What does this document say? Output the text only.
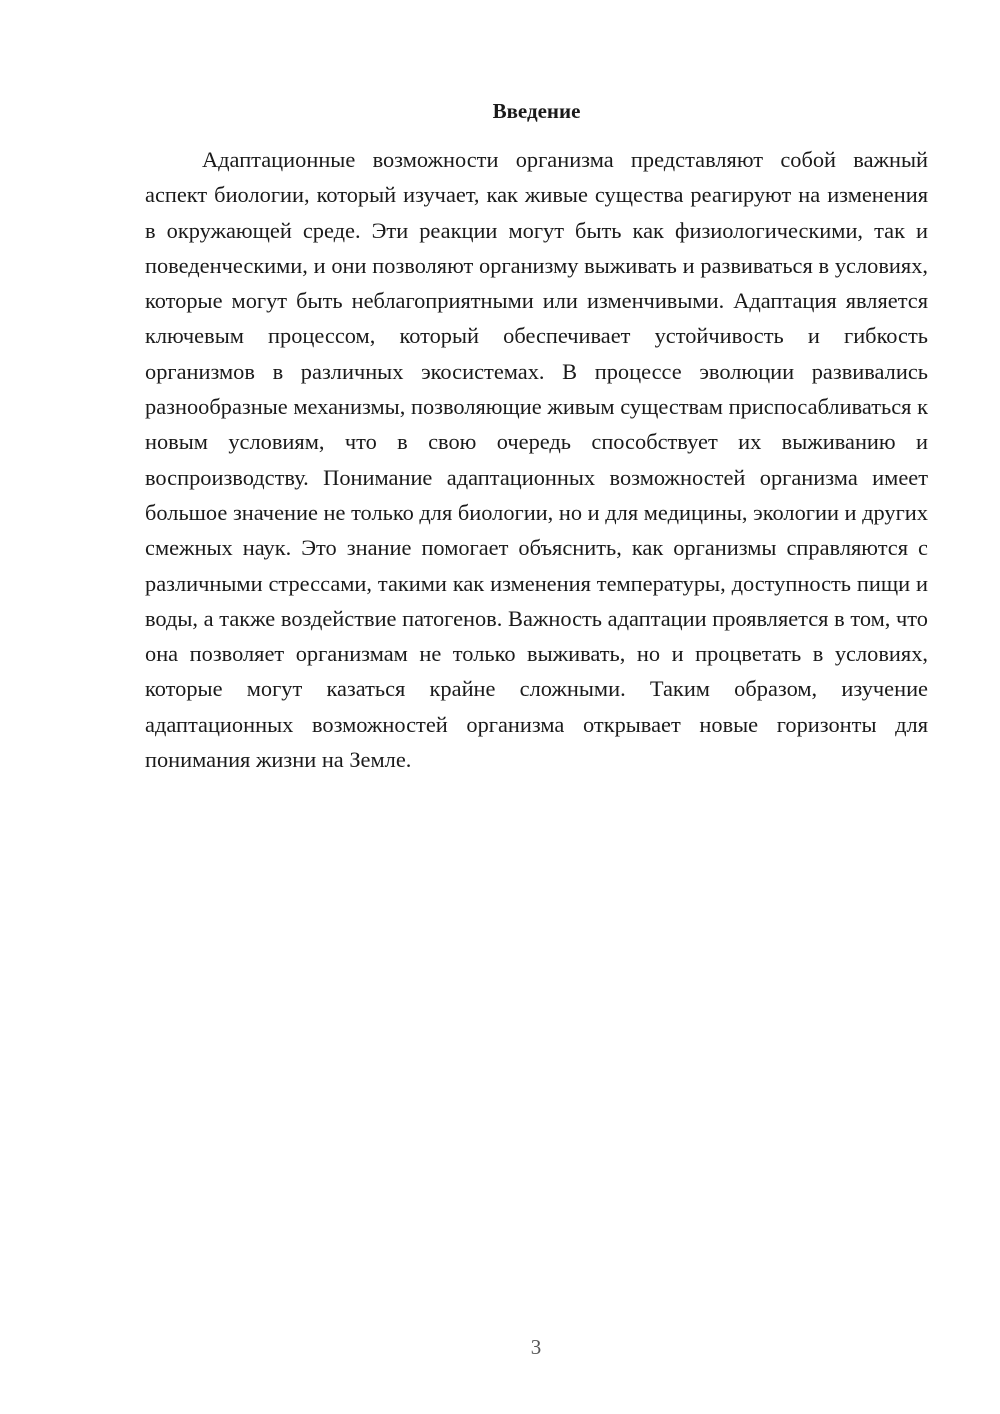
Введение

Адаптационные возможности организма представляют собой важный аспект биологии, который изучает, как живые существа реагируют на изменения в окружающей среде. Эти реакции могут быть как физиологическими, так и поведенческими, и они позволяют организму выживать и развиваться в условиях, которые могут быть неблагоприятными или изменчивыми. Адаптация является ключевым процессом, который обеспечивает устойчивость и гибкость организмов в различных экосистемах. В процессе эволюции развивались разнообразные механизмы, позволяющие живым существам приспосабливаться к новым условиям, что в свою очередь способствует их выживанию и воспроизводству. Понимание адаптационных возможностей организма имеет большое значение не только для биологии, но и для медицины, экологии и других смежных наук. Это знание помогает объяснить, как организмы справляются с различными стрессами, такими как изменения температуры, доступность пищи и воды, а также воздействие патогенов. Важность адаптации проявляется в том, что она позволяет организмам не только выживать, но и процветать в условиях, которые могут казаться крайне сложными. Таким образом, изучение адаптационных возможностей организма открывает новые горизонты для понимания жизни на Земле.

3
